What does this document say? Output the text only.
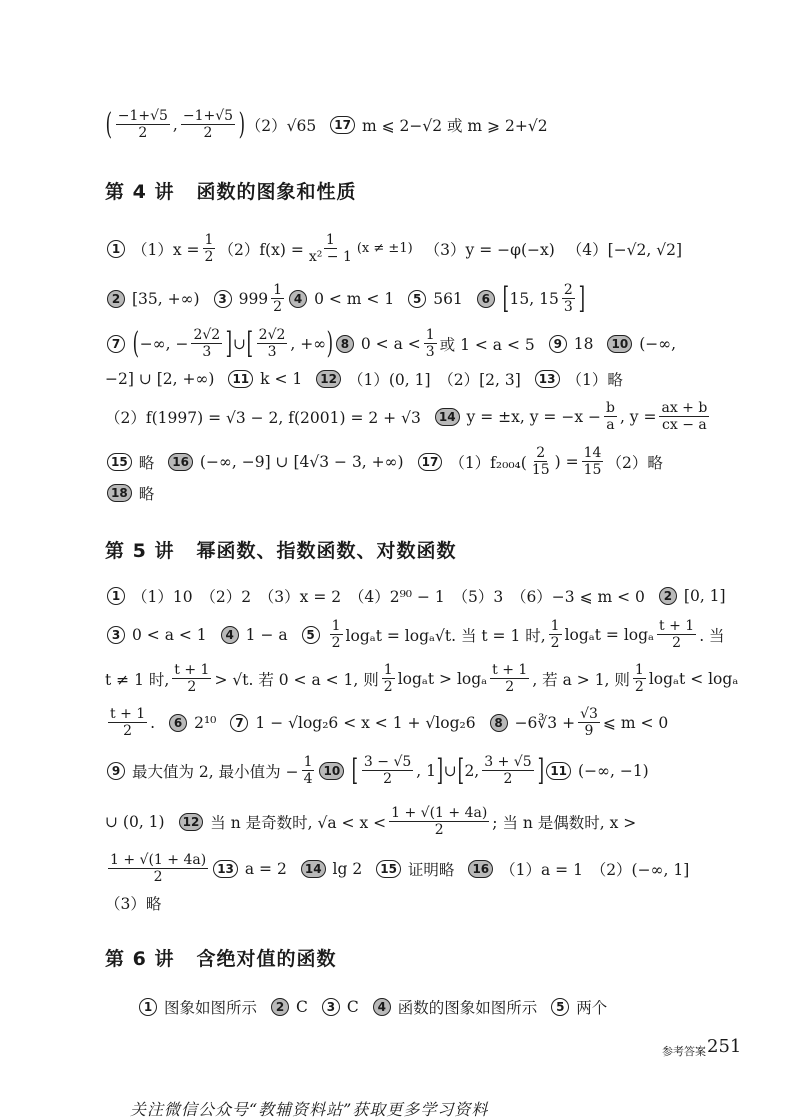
( $\frac{-1+√5}{2}$ , $\frac{-1+√5}{2}$ ) （2）√65	17 m ⩽ 2−√2 或 m ⩾ 2+√2
第 4 讲 函数的图象和性质
1 $(1)x = \frac{1}{2} (2)f(x) = \frac{1}{\text{x² − 1}} (x \ne \pm 1) (3)y = -\varphi(-x)$ （4）[−√2, √2]
2 [35, +∞)	3 $999 \frac{1}{2} 4$ 0 < m < 1	5 561	6 [ 15, $15 \frac{2}{3}$ ]
7 ( −∞, − $\frac{2√2}{3}$ ] ∪ [ $\frac{2√2}{3}$ , +∞ ) 8 $0 < a < \frac{1}{3}$ 或 1 < a < 5	9 18	10 (−∞,
−2] ∪ [2, +∞)	11 k < 1	12 （1）(0, 1]　（2）[2, 3]	13 （1）略
（2）f(1997) = √3 − 2, f(2001) = 2 + √3	14 y = ±x, $y = -x - \frac{b}{a}$ , $y = \frac{ax + b}{cx - a}$
15 略	16 (−∞, −9] ∪ [4√3 − 3, +∞)	17 $(1)f_{2004}( \frac{2}{15}$ ) = $\frac{14}{15} (2)$略
18 略
第 5 讲 幂函数、指数函数、对数函数
1 （1）10　（2）2　（3）x = 2　（4）2⁹⁰ − 1　（5）3　（6）−3 ⩽ m < 0	2 [0, 1]
3 0 < a < 1	4 1 − a	5	$\frac{1}{2}$ logₐt = logₐ√t. 当 t = 1 时, $\frac{1}{2}$ logₐt = logₐ $\frac{t + 1}{2}$ . 当
t ≠ 1 时, $\frac{t + 1}{2} > √t$. 若 0 < a < 1, 则 $\frac{1}{2}$ logₐt > logₐ $\frac{t + 1}{2}$ , 若 a > 1, 则 $\frac{1}{2}$ logₐt < logₐ
$\frac{t + 1}{2}$ .	6 2¹⁰	7 1 − √log₂6 < x < 1 + √log₂6	8 −6∛3 + $\frac{√3}{9}$ ⩽ m < 0
9 最大值为 2, 最小值为 − $\frac{1}{4} 10$ [ $\frac{3 - √5}{2}$ , 1 ] ∪ [ 2, $\frac{3 + √5}{2}$ ] 11 (−∞, −1)
∪ (0, 1)	12 当 n 是奇数时, $√a < x < \frac{1 + √(1 + 4a)}{2}$ ; 当 n 是偶数时, x >
$\frac{1 + √(1 + 4a)}{2} 13$ a = 2	14 lg 2	15 证明略	16 （1）a = 1　（2）(−∞, 1]
（3）略
第 6 讲 含绝对值的函数
1 图象如图所示	2 C	3 C	4 函数的图象如图所示	5 两个
参考答案 251
关注微信公众号“教辅资料站”获取更多学习资料
